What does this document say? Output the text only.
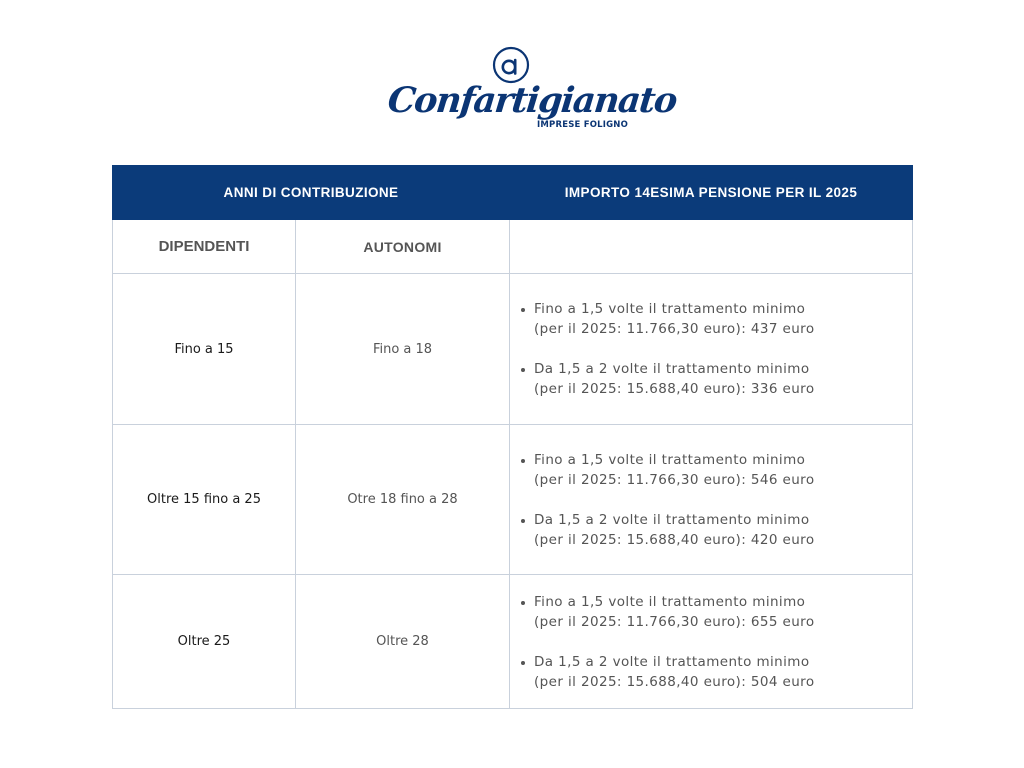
Confartigianato
IMPRESE FOLIGNO
ANNI DI CONTRIBUZIONE		IMPORTO 14ESIMA PENSIONE PER IL 2025
DIPENDENTI	AUTONOMI	
Fino a 15	Fino a 18	Fino a 1,5 volte il trattamento minimo
(per il 2025: 11.766,30 euro): 437 euro
Da 1,5 a 2 volte il trattamento minimo
(per il 2025: 15.688,40 euro): 336 euro

Oltre 15 fino a 25	Otre 18 fino a 28	Fino a 1,5 volte il trattamento minimo
(per il 2025: 11.766,30 euro): 546 euro
Da 1,5 a 2 volte il trattamento minimo
(per il 2025: 15.688,40 euro): 420 euro

Oltre 25	Oltre 28	Fino a 1,5 volte il trattamento minimo
(per il 2025: 11.766,30 euro): 655 euro
Da 1,5 a 2 volte il trattamento minimo
(per il 2025: 15.688,40 euro): 504 euro
